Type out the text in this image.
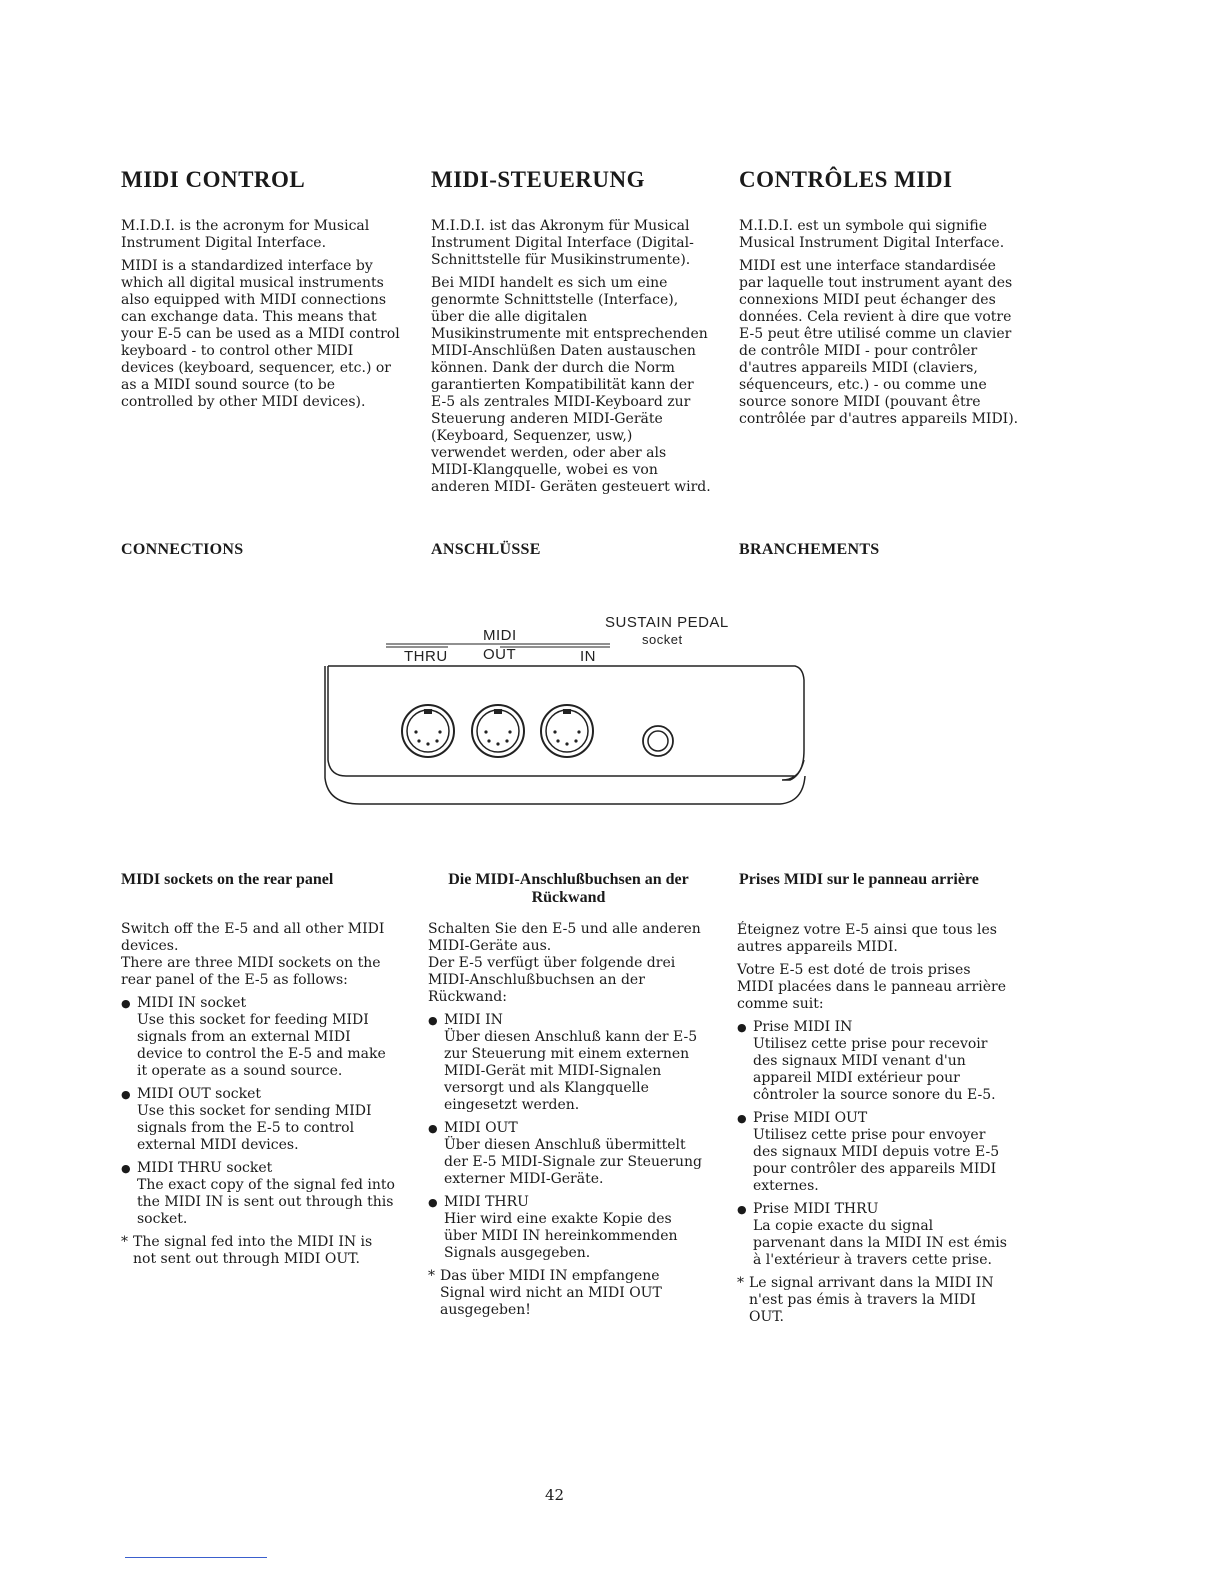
MIDI CONTROL	MIDI-STEUERUNG	CONTRÔLES MIDI

M.I.D.I. is the acronym for Musical Instrument Digital Interface.

MIDI is a standardized interface by which all digital musical instruments also equipped with MIDI connections can exchange data. This means that your E-5 can be used as a MIDI control keyboard - to control other MIDI devices (keyboard, sequencer, etc.) or as a MIDI sound source (to be controlled by other MIDI devices).

M.I.D.I. ist das Akronym für Musical Instrument Digital Interface (Digital-Schnittstelle für Musikinstrumente).

Bei MIDI handelt es sich um eine genormte Schnittstelle (Interface), über die alle digitalen Musikinstrumente mit entsprechenden MIDI-Anschlüßen Daten austauschen können. Dank der durch die Norm garantierten Kompatibilität kann der E-5 als zentrales MIDI-Keyboard zur Steuerung anderen MIDI-Geräte (Keyboard, Sequenzer, usw,) verwendet werden, oder aber als MIDI-Klangquelle, wobei es von anderen MIDI- Geräten gesteuert wird.

M.I.D.I. est un symbole qui signifie Musical Instrument Digital Interface.

MIDI est une interface standardisée par laquelle tout instrument ayant des connexions MIDI peut échanger des données. Cela revient à dire que votre E-5 peut être utilisé comme un clavier de contrôle MIDI - pour contrôler d'autres appareils MIDI (claviers, séquenceurs, etc.) - ou comme une source sonore MIDI (pouvant être contrôlée par d'autres appareils MIDI).

CONNECTIONS	ANSCHLÜSSE	BRANCHEMENTS
MIDI
THRU OUT	IN
SUSTAIN PEDAL
socket
MIDI sockets on the rear panel	Die MIDI-Anschlußbuchsen an der Rückwand
Prises MIDI sur le panneau arrière

Switch off the E-5 and all other MIDI devices.

There are three MIDI sockets on the rear panel of the E-5 as follows:

● MIDI IN socket
Use this socket for feeding MIDI signals from an external MIDI device to control the E-5 and make it operate as a sound source.
● MIDI OUT socket
Use this socket for sending MIDI signals from the E-5 to control external MIDI devices.
● MIDI THRU socket
The exact copy of the signal fed into the MIDI IN is sent out through this socket.

* The signal fed into the MIDI IN is not sent out through MIDI OUT.

Schalten Sie den E-5 und alle anderen MIDI-Geräte aus.

Der E-5 verfügt über folgende drei MIDI-Anschlußbuchsen an der Rückwand:

● MIDI IN
Über diesen Anschluß kann der E-5 zur Steuerung mit einem externen MIDI-Gerät mit MIDI-Signalen versorgt und als Klangquelle eingesetzt werden.
● MIDI OUT
Über diesen Anschluß übermittelt der E-5 MIDI-Signale zur Steuerung externer MIDI-Geräte.
● MIDI THRU
Hier wird eine exakte Kopie des über MIDI IN hereinkommenden Signals ausgegeben.

* Das über MIDI IN empfangene Signal wird nicht an MIDI OUT ausgegeben!

Éteignez votre E-5 ainsi que tous les autres appareils MIDI.

Votre E-5 est doté de trois prises MIDI placées dans le panneau arrière comme suit:

● Prise MIDI IN
Utilisez cette prise pour recevoir des signaux MIDI venant d'un appareil MIDI extérieur pour côntroler la source sonore du E-5.
● Prise MIDI OUT
Utilisez cette prise pour envoyer des signaux MIDI depuis votre E-5 pour contrôler des appareils MIDI externes.
● Prise MIDI THRU
La copie exacte du signal parvenant dans la MIDI IN est émis à l'extérieur à travers cette prise.

* Le signal arrivant dans la MIDI IN n'est pas émis à travers la MIDI OUT.

42
